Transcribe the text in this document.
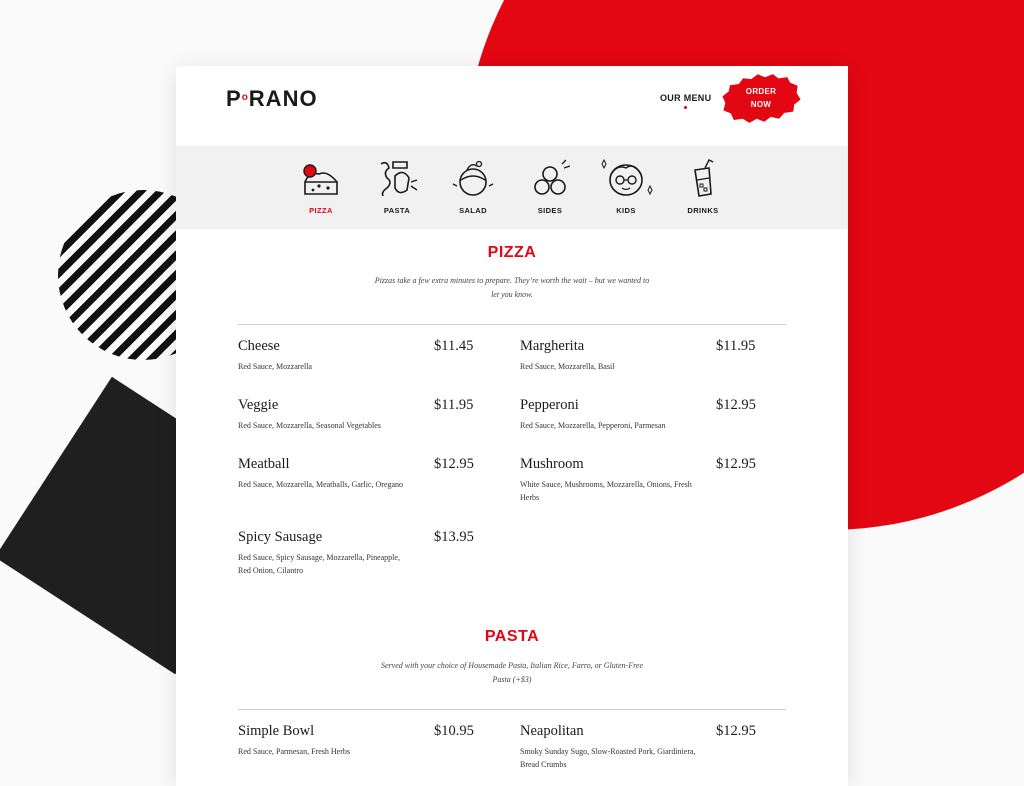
$P^oRANO$	OUR MENU
ORDER
NOW
PIZZA	PASTA	SALAD	SIDES	KIDS	DRINKS
PIZZA
Pizzas take a few extra minutes to prepare. They’re worth the wait – but we wanted to let you know.
Cheese	$11.45
Red Sauce, Mozzarella
Margherita	$11.95
Red Sauce, Mozzarella, Basil
Veggie	$11.95
Red Sauce, Mozzarella, Seasonal Vegetables
Pepperoni	$12.95
Red Sauce, Mozzarella, Pepperoni, Parmesan
Meatball	$12.95
Red Sauce, Mozzarella, Meatballs, Garlic, Oregano
Mushroom	$12.95
White Sauce, Mushrooms, Mozzarella, Onions, Fresh Herbs
Spicy Sausage	$13.95
Red Sauce, Spicy Sausage, Mozzarella, Pineapple, Red Onion, Cilantro
PASTA
Served with your choice of Housemade Pasta, Italian Rice, Farro, or Gluten-Free Pasta (+$3)
Simple Bowl	$10.95
Red Sauce, Parmesan, Fresh Herbs
Neapolitan	$12.95
Smoky Sunday Sugo, Slow-Roasted Pork, Giardiniera, Bread Crumbs
